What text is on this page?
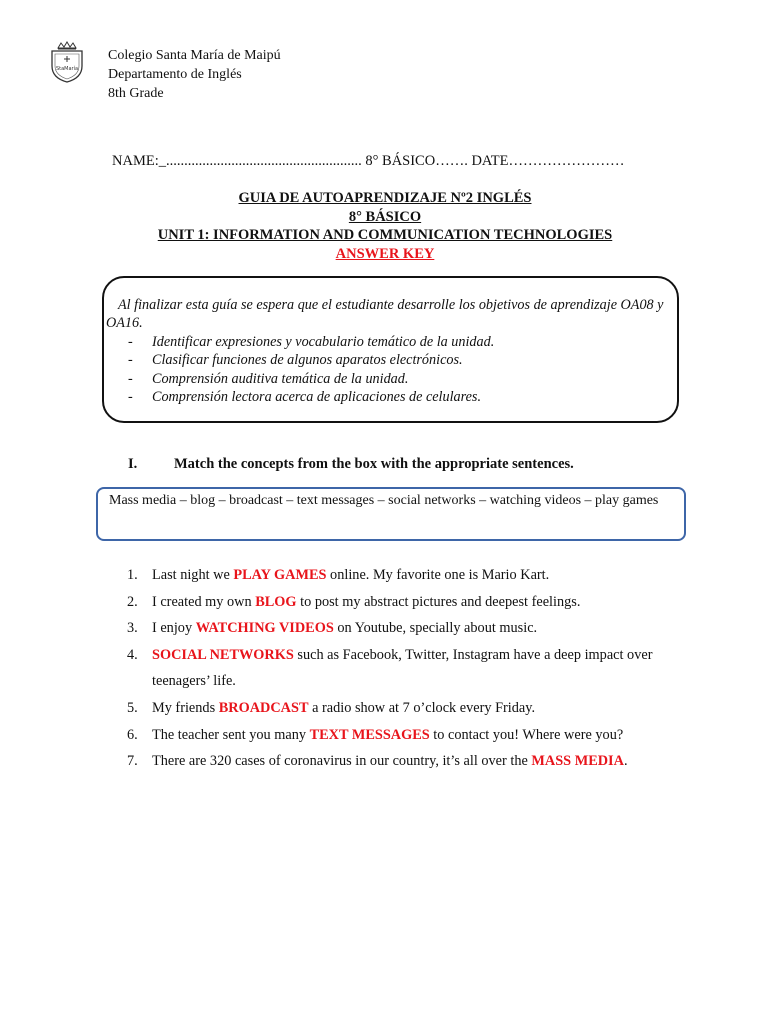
StaMaría
Colegio Santa María de Maipú
Departamento de Inglés
8th Grade
NAME:_...................................................... 8° BÁSICO……. DATE……………………
GUIA DE AUTOAPRENDIZAJE Nº2 INGLÉS
8° BÁSICO
UNIT 1: INFORMATION AND COMMUNICATION TECHNOLOGIES
ANSWER KEY
Al finalizar esta guía se espera que el estudiante desarrolle los objetivos de aprendizaje OA08 y OA16.
- Identificar expresiones y vocabulario temático de la unidad.
- Clasificar funciones de algunos aparatos electrónicos.
- Comprensión auditiva temática de la unidad.
- Comprensión lectora acerca de aplicaciones de celulares.
I.	Match the concepts from the box with the appropriate sentences.
Mass media – blog – broadcast – text messages – social networks – watching videos – play games
1. Last night we PLAY GAMES online. My favorite one is Mario Kart.
2. I created my own BLOG to post my abstract pictures and deepest feelings.
3. I enjoy WATCHING VIDEOS on Youtube, specially about music.
4. SOCIAL NETWORKS such as Facebook, Twitter, Instagram have a deep impact over teenagers’ life.
5. My friends BROADCAST a radio show at 7 o’clock every Friday.
6. The teacher sent you many TEXT MESSAGES to contact you! Where were you?
7. There are 320 cases of coronavirus in our country, it’s all over the MASS MEDIA.
